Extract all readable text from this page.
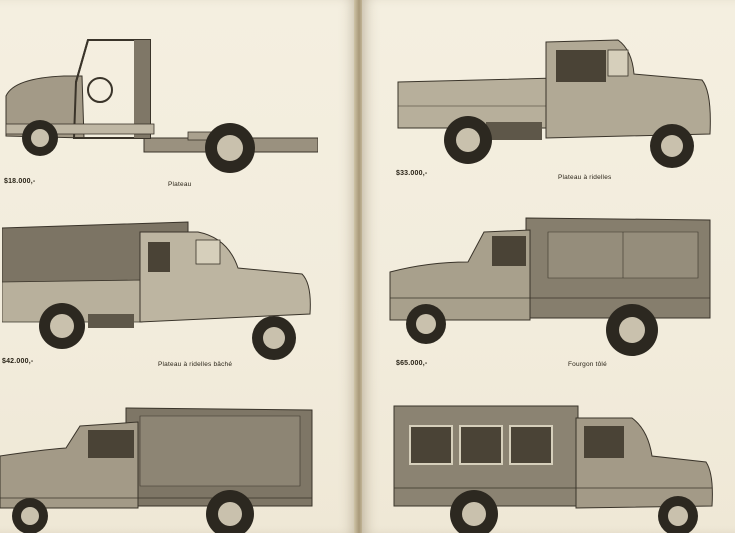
$18.000,-	Plateau
$42.000,-	Plateau à ridelles bâché
$33.000,-
Plateau à ridelles
$65.000,-	Fourgon tôlé
